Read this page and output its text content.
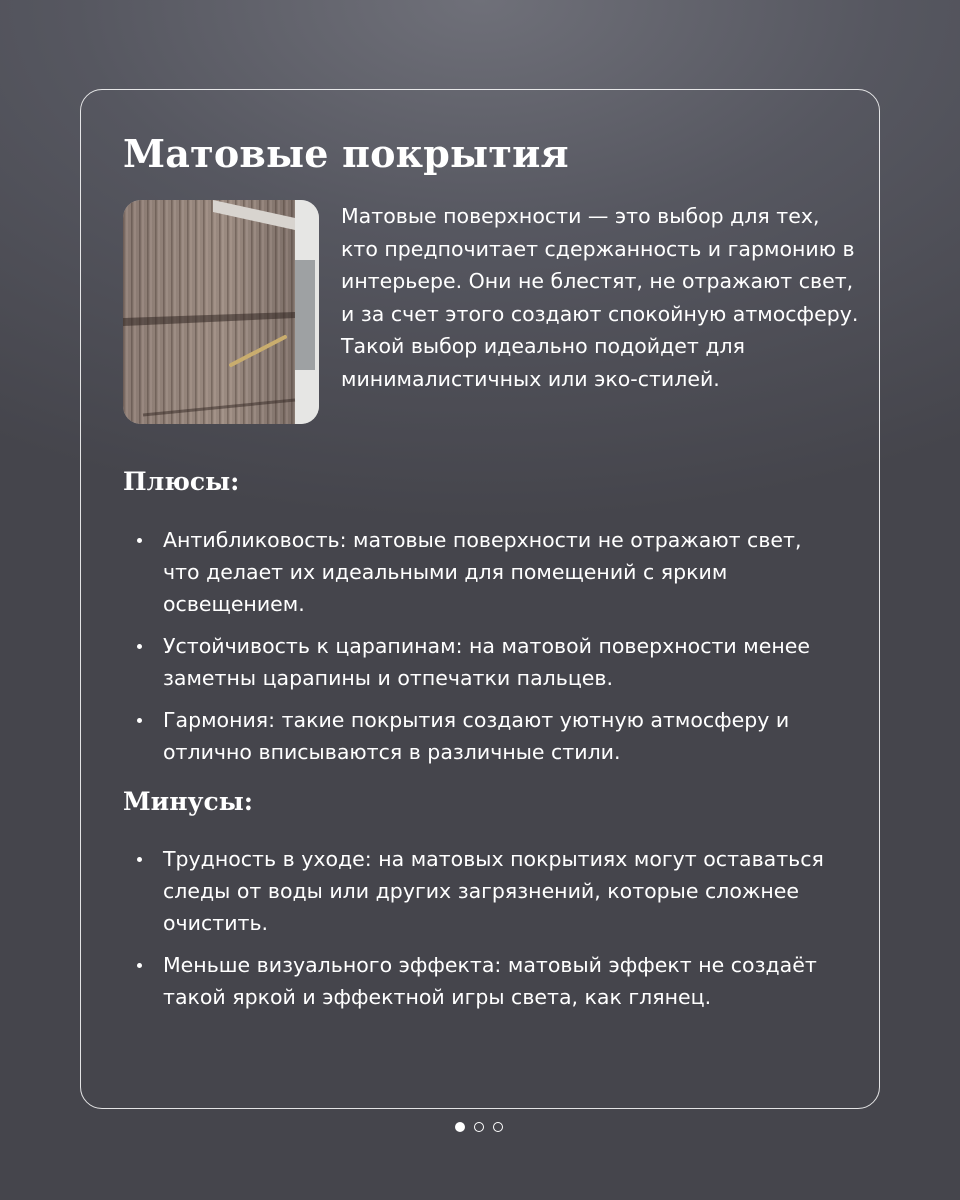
Матовые покрытия

Матовые поверхности — это выбор для тех, кто предпочитает сдержанность и гармонию в интерьере. Они не блестят, не отражают свет, и за счет этого создают спокойную атмосферу. Такой выбор идеально подойдет для минималистичных или эко-стилей.

Плюсы:
Антибликовость: матовые поверхности не отражают свет, что делает их идеальными для помещений с ярким освещением.
Устойчивость к царапинам: на матовой поверхности менее заметны царапины и отпечатки пальцев.
Гармония: такие покрытия создают уютную атмосферу и отлично вписываются в различные стили.
Минусы:
Трудность в уходе: на матовых покрытиях могут оставаться следы от воды или других загрязнений, которые сложнее очистить.
Меньше визуального эффекта: матовый эффект не создаёт такой яркой и эффектной игры света, как глянец.
